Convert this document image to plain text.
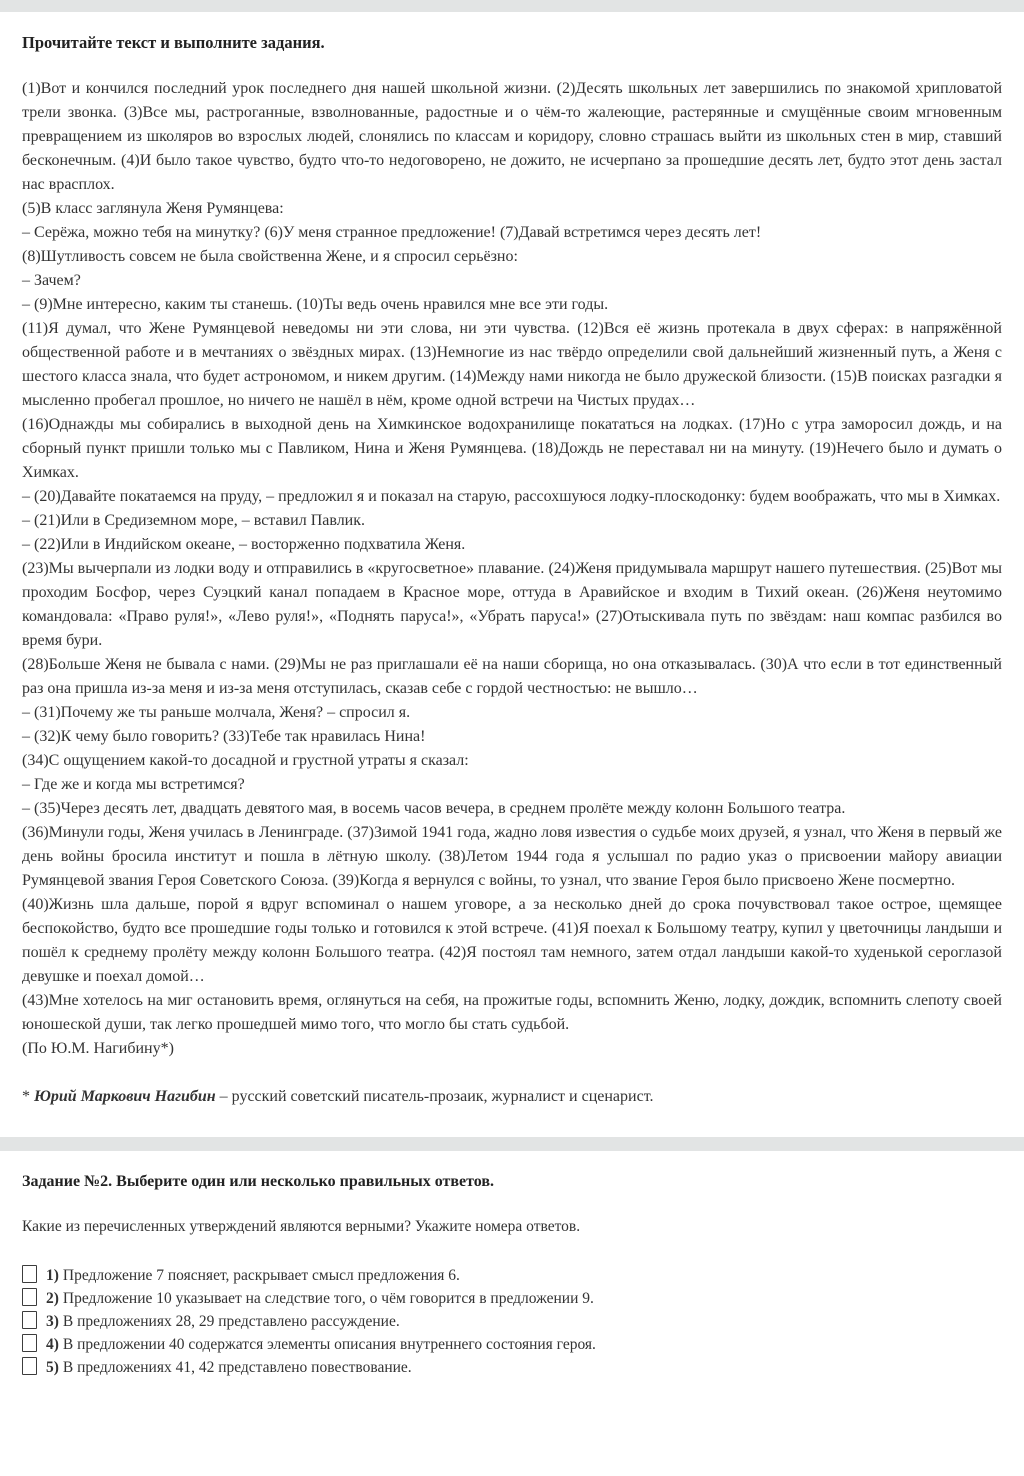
Прочитайте текст и выполните задания.
(1)Вот и кончился последний урок последнего дня нашей школьной жизни. (2)Десять школьных лет завершились по знакомой хрипловатой трели звонка. (3)Все мы, растроганные, взволнованные, радостные и о чём-то жалеющие, растерянные и смущённые своим мгновенным превращением из школяров во взрослых людей, слонялись по классам и коридору, словно страшась выйти из школьных стен в мир, ставший бесконечным. (4)И было такое чувство, будто что-то недоговорено, не дожито, не исчерпано за прошедшие десять лет, будто этот день застал нас врасплох.
(5)В класс заглянула Женя Румянцева:
– Серёжа, можно тебя на минутку? (6)У меня странное предложение! (7)Давай встретимся через десять лет!
(8)Шутливость совсем не была свойственна Жене, и я спросил серьёзно:
– Зачем?
– (9)Мне интересно, каким ты станешь. (10)Ты ведь очень нравился мне все эти годы.
(11)Я думал, что Жене Румянцевой неведомы ни эти слова, ни эти чувства. (12)Вся её жизнь протекала в двух сферах: в напряжённой общественной работе и в мечтаниях о звёздных мирах. (13)Немногие из нас твёрдо определили свой дальнейший жизненный путь, а Женя с шестого класса знала, что будет астрономом, и никем другим. (14)Между нами никогда не было дружеской близости. (15)В поисках разгадки я мысленно пробегал прошлое, но ничего не нашёл в нём, кроме одной встречи на Чистых прудах…
(16)Однажды мы собирались в выходной день на Химкинское водохранилище покататься на лодках. (17)Но с утра заморосил дождь, и на сборный пункт пришли только мы с Павликом, Нина и Женя Румянцева. (18)Дождь не переставал ни на минуту. (19)Нечего было и думать о Химках.
– (20)Давайте покатаемся на пруду, – предложил я и показал на старую, рассохшуюся лодку-плоскодонку: будем воображать, что мы в Химках.
– (21)Или в Средиземном море, – вставил Павлик.
– (22)Или в Индийском океане, – восторженно подхватила Женя.
(23)Мы вычерпали из лодки воду и отправились в «кругосветное» плавание. (24)Женя придумывала маршрут нашего путешествия. (25)Вот мы проходим Босфор, через Суэцкий канал попадаем в Красное море, оттуда в Аравийское и входим в Тихий океан. (26)Женя неутомимо командовала: «Право руля!», «Лево руля!», «Поднять паруса!», «Убрать паруса!» (27)Отыскивала путь по звёздам: наш компас разбился во время бури.
(28)Больше Женя не бывала с нами. (29)Мы не раз приглашали её на наши сборища, но она отказывалась. (30)А что если в тот единственный раз она пришла из-за меня и из-за меня отступилась, сказав себе с гордой честностью: не вышло…
– (31)Почему же ты раньше молчала, Женя? – спросил я.
– (32)К чему было говорить? (33)Тебе так нравилась Нина!
(34)С ощущением какой-то досадной и грустной утраты я сказал:
– Где же и когда мы встретимся?
– (35)Через десять лет, двадцать девятого мая, в восемь часов вечера, в среднем пролёте между колонн Большого театра.
(36)Минули годы, Женя училась в Ленинграде. (37)Зимой 1941 года, жадно ловя известия о судьбе моих друзей, я узнал, что Женя в первый же день войны бросила институт и пошла в лётную школу. (38)Летом 1944 года я услышал по радио указ о присвоении майору авиации Румянцевой звания Героя Советского Союза. (39)Когда я вернулся с войны, то узнал, что звание Героя было присвоено Жене посмертно.
(40)Жизнь шла дальше, порой я вдруг вспоминал о нашем уговоре, а за несколько дней до срока почувствовал такое острое, щемящее беспокойство, будто все прошедшие годы только и готовился к этой встрече. (41)Я поехал к Большому театру, купил у цветочницы ландыши и пошёл к среднему пролёту между колонн Большого театра. (42)Я постоял там немного, затем отдал ландыши какой-то худенькой сероглазой девушке и поехал домой…
(43)Мне хотелось на миг остановить время, оглянуться на себя, на прожитые годы, вспомнить Женю, лодку, дождик, вспомнить слепоту своей юношеской души, так легко прошедшей мимо того, что могло бы стать судьбой.
(По Ю.М. Нагибину*)
* Юрий Маркович Нагибин – русский советский писатель-прозаик, журналист и сценарист.
Задание №2. Выберите один или несколько правильных ответов.
Какие из перечисленных утверждений являются верными? Укажите номера ответов.
1) Предложение 7 поясняет, раскрывает смысл предложения 6.
2) Предложение 10 указывает на следствие того, о чём говорится в предложении 9.
3) В предложениях 28, 29 представлено рассуждение.
4) В предложении 40 содержатся элементы описания внутреннего состояния героя.
5) В предложениях 41, 42 представлено повествование.
